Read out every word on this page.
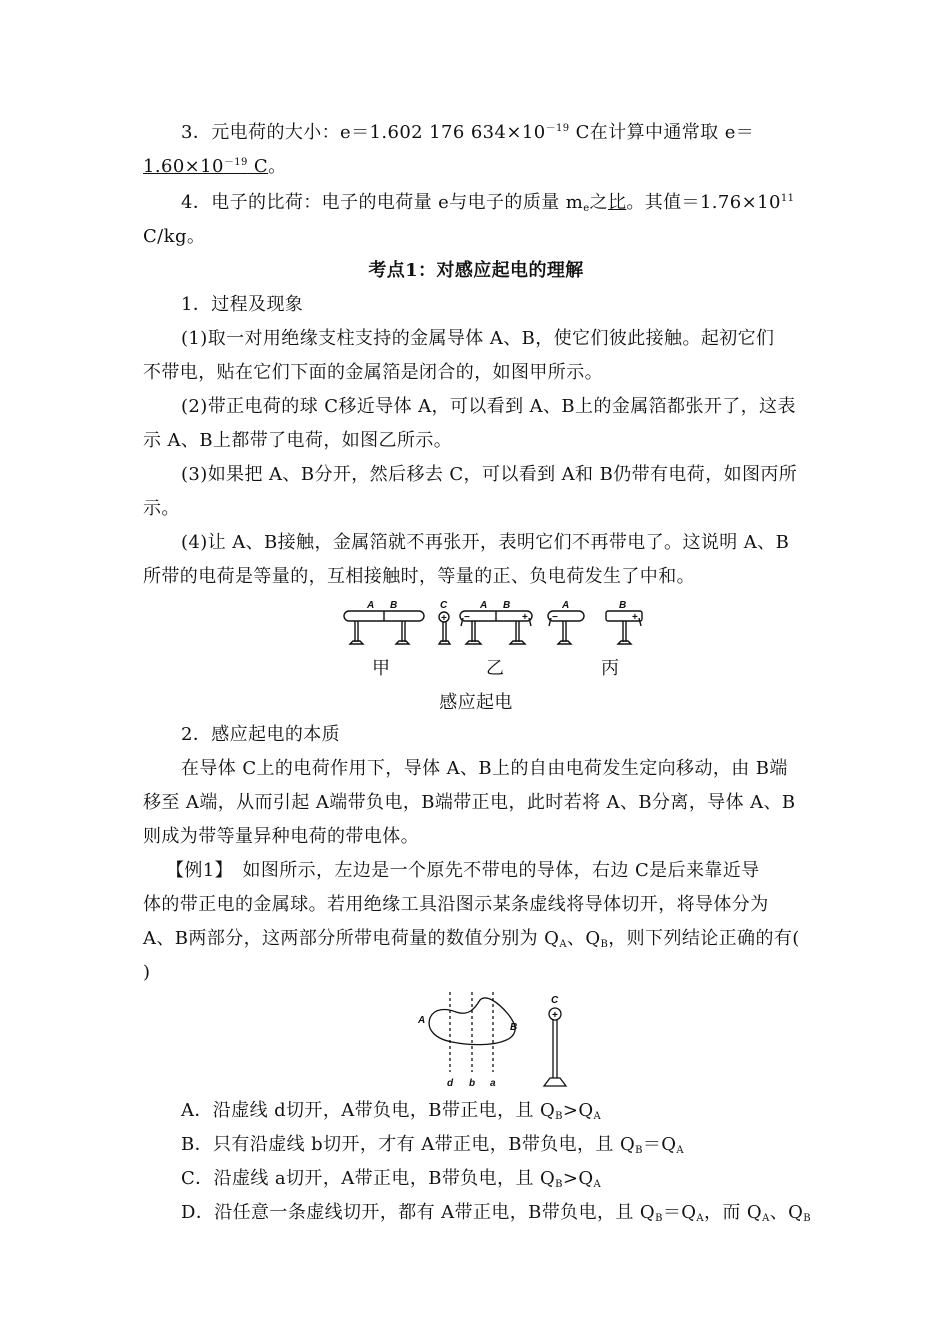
3．元电荷的大小：e＝1.602 176 $634\times 10^{-19}$ C在计算中通常取 e＝
$1.60\times 10^{-19}$ C。
4．电子的比荷：电子的电荷量 e与电子的质量 $m_e$之比。其值$=1.76\times 10^{11}$
C/kg。
考点1：对感应起电的理解
1．过程及现象
(1)取一对用绝缘支柱支持的金属导体 A、B，使它们彼此接触。起初它们
不带电，贴在它们下面的金属箔是闭合的，如图甲所示。
(2)带正电荷的球 C移近导体 A，可以看到 A、B上的金属箔都张开了，这表
示 A、B上都带了电荷，如图乙所示。
(3)如果把 A、B分开，然后移去 C，可以看到 A和 B仍带有电荷，如图丙所
示。
(4)让 A、B接触，金属箔就不再张开，表明它们不再带电了。这说明 A、B
所带的电荷是等量的，互相接触时，等量的正、负电荷发生了中和。
A B	C	A B	A	B
+ −	+ −	+
甲	乙	丙
感应起电
2．感应起电的本质
在导体 C上的电荷作用下，导体 A、B上的自由电荷发生定向移动，由 B端
移至 A端，从而引起 A端带负电，B端带正电，此时若将 A、B分离，导体 A、B
则成为带等量异种电荷的带电体。
【例1】　如图所示，左边是一个原先不带电的导体，右边 C是后来靠近导
体的带正电的金属球。若用绝缘工具沿图示某条虚线将导体切开，将导体分为
A、B两部分，这两部分所带电荷量的数值分别为 $Q_A$、$Q_B$，则下列结论正确的有(
)
A
B
C
d b a
+
A．沿虚线 d切开，A带负电，B带正电，且 $Q_B>Q_A$
B．只有沿虚线 b切开，才有 A带正电，B带负电，且 $Q_B=Q_A$
C．沿虚线 a切开，A带正电，B带负电，且 $Q_B>Q_A$
D．沿任意一条虚线切开，都有 A带正电，B带负电，且 $Q_B=Q_A$，而 $Q_A$、$Q_B$
